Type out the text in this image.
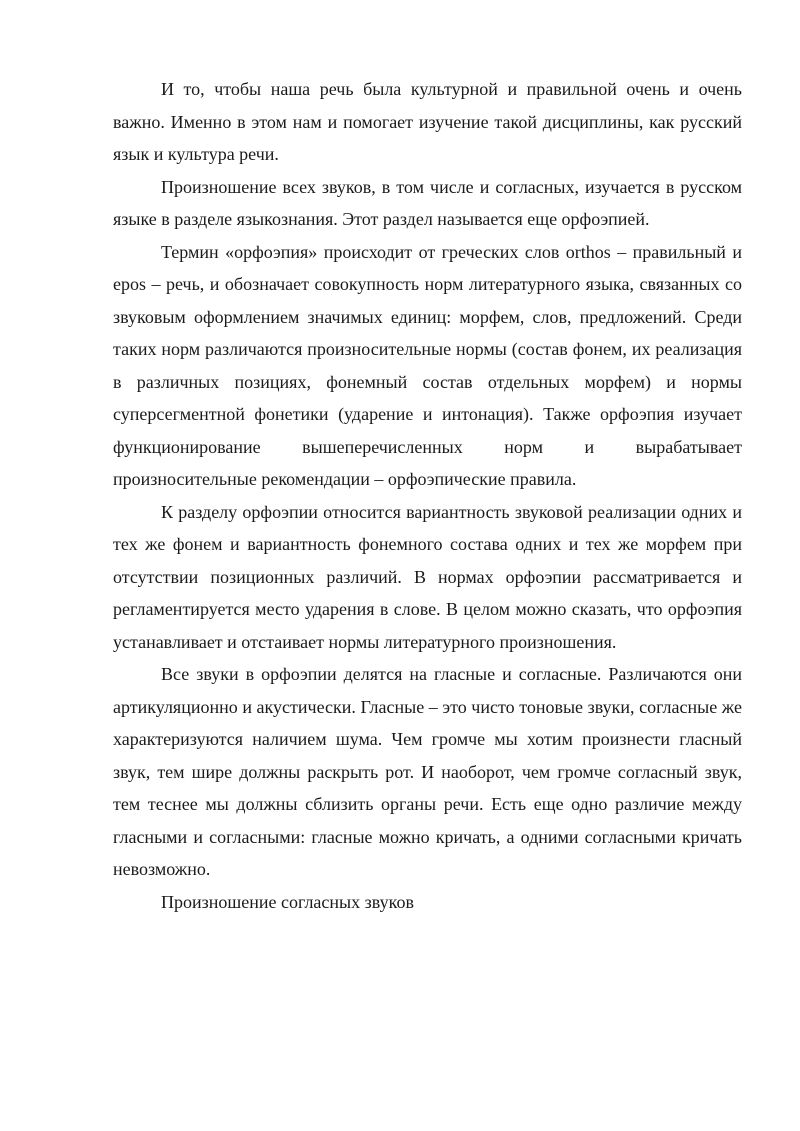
И то, чтобы наша речь была культурной и правильной очень и очень важно. Именно в этом нам и помогает изучение такой дисциплины, как русский язык и культура речи.

Произношение всех звуков, в том числе и согласных, изучается в русском языке в разделе языкознания. Этот раздел называется еще орфоэпией.

Термин «орфоэпия» происходит от греческих слов orthos – правильный и epos – речь, и обозначает совокупность норм литературного языка, связанных со звуковым оформлением значимых единиц: морфем, слов, предложений. Среди таких норм различаются произносительные нормы (состав фонем, их реализация в различных позициях, фонемный состав отдельных морфем) и нормы суперсегментной фонетики (ударение и интонация). Также орфоэпия изучает функционирование вышеперечисленных норм и вырабатывает произносительные рекомендации – орфоэпические правила.

К разделу орфоэпии относится вариантность звуковой реализации одних и тех же фонем и вариантность фонемного состава одних и тех же морфем при отсутствии позиционных различий. В нормах орфоэпии рассматривается и регламентируется место ударения в слове. В целом можно сказать, что орфоэпия устанавливает и отстаивает нормы литературного произношения.

Все звуки в орфоэпии делятся на гласные и согласные. Различаются они артикуляционно и акустически. Гласные – это чисто тоновые звуки, согласные же характеризуются наличием шума. Чем громче мы хотим произнести гласный звук, тем шире должны раскрыть рот. И наоборот, чем громче согласный звук, тем теснее мы должны сблизить органы речи. Есть еще одно различие между гласными и согласными: гласные можно кричать, а одними согласными кричать невозможно.

Произношение согласных звуков
